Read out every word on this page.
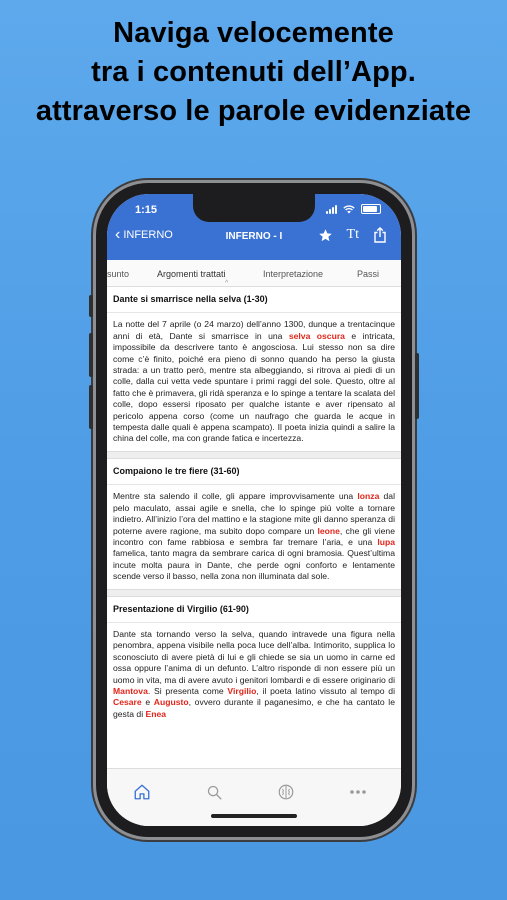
Naviga velocemente
tra i contenuti dell’App.
attraverso le parole evidenziate
1:15
‹ INFERNO	INFERNO - I	Tt
sunto	Argomenti trattati	Interpretazione	Passi
^
Dante si smarrisce nella selva (1-30)
La notte del 7 aprile (o 24 marzo) dell’anno 1300, dunque a trentacinque anni di età, Dante si smarrisce in una selva oscura e intricata, impossibile da descrivere tanto è angosciosa. Lui stesso non sa dire come c’è finito, poiché era pieno di sonno quando ha perso la giusta strada: a un tratto però, mentre sta albeggiando, si ritrova ai piedi di un colle, dalla cui vetta vede spuntare i primi raggi del sole. Questo, oltre al fatto che è primavera, gli ridà speranza e lo spinge a tentare la scalata del colle, dopo essersi riposato per qualche istante e aver ripensato al pericolo appena corso (come un naufrago che guarda le acque in tempesta dalle quali è appena scampato). Il poeta inizia quindi a salire la china del colle, ma con grande fatica e incertezza.
Compaiono le tre fiere (31-60)
Mentre sta salendo il colle, gli appare improvvisamente una lonza dal pelo maculato, assai agile e snella, che lo spinge più volte a tornare indietro. All’inizio l’ora del mattino e la stagione mite gli danno speranza di poterne avere ragione, ma subito dopo compare un leone, che gli viene incontro con fame rabbiosa e sembra far tremare l’aria, e una lupa famelica, tanto magra da sembrare carica di ogni bramosia. Quest’ultima incute molta paura in Dante, che perde ogni conforto e lentamente scende verso il basso, nella zona non illuminata dal sole.
Presentazione di Virgilio (61-90)
Dante sta tornando verso la selva, quando intravede una figura nella penombra, appena visibile nella poca luce dell’alba. Intimorito, supplica lo sconosciuto di avere pietà di lui e gli chiede se sia un uomo in carne ed ossa oppure l’anima di un defunto. L’altro risponde di non essere più un uomo in vita, ma di avere avuto i genitori lombardi e di essere originario di Mantova. Si presenta come Virgilio, il poeta latino vissuto al tempo di Cesare e Augusto, ovvero durante il paganesimo, e che ha cantato le gesta di Enea
